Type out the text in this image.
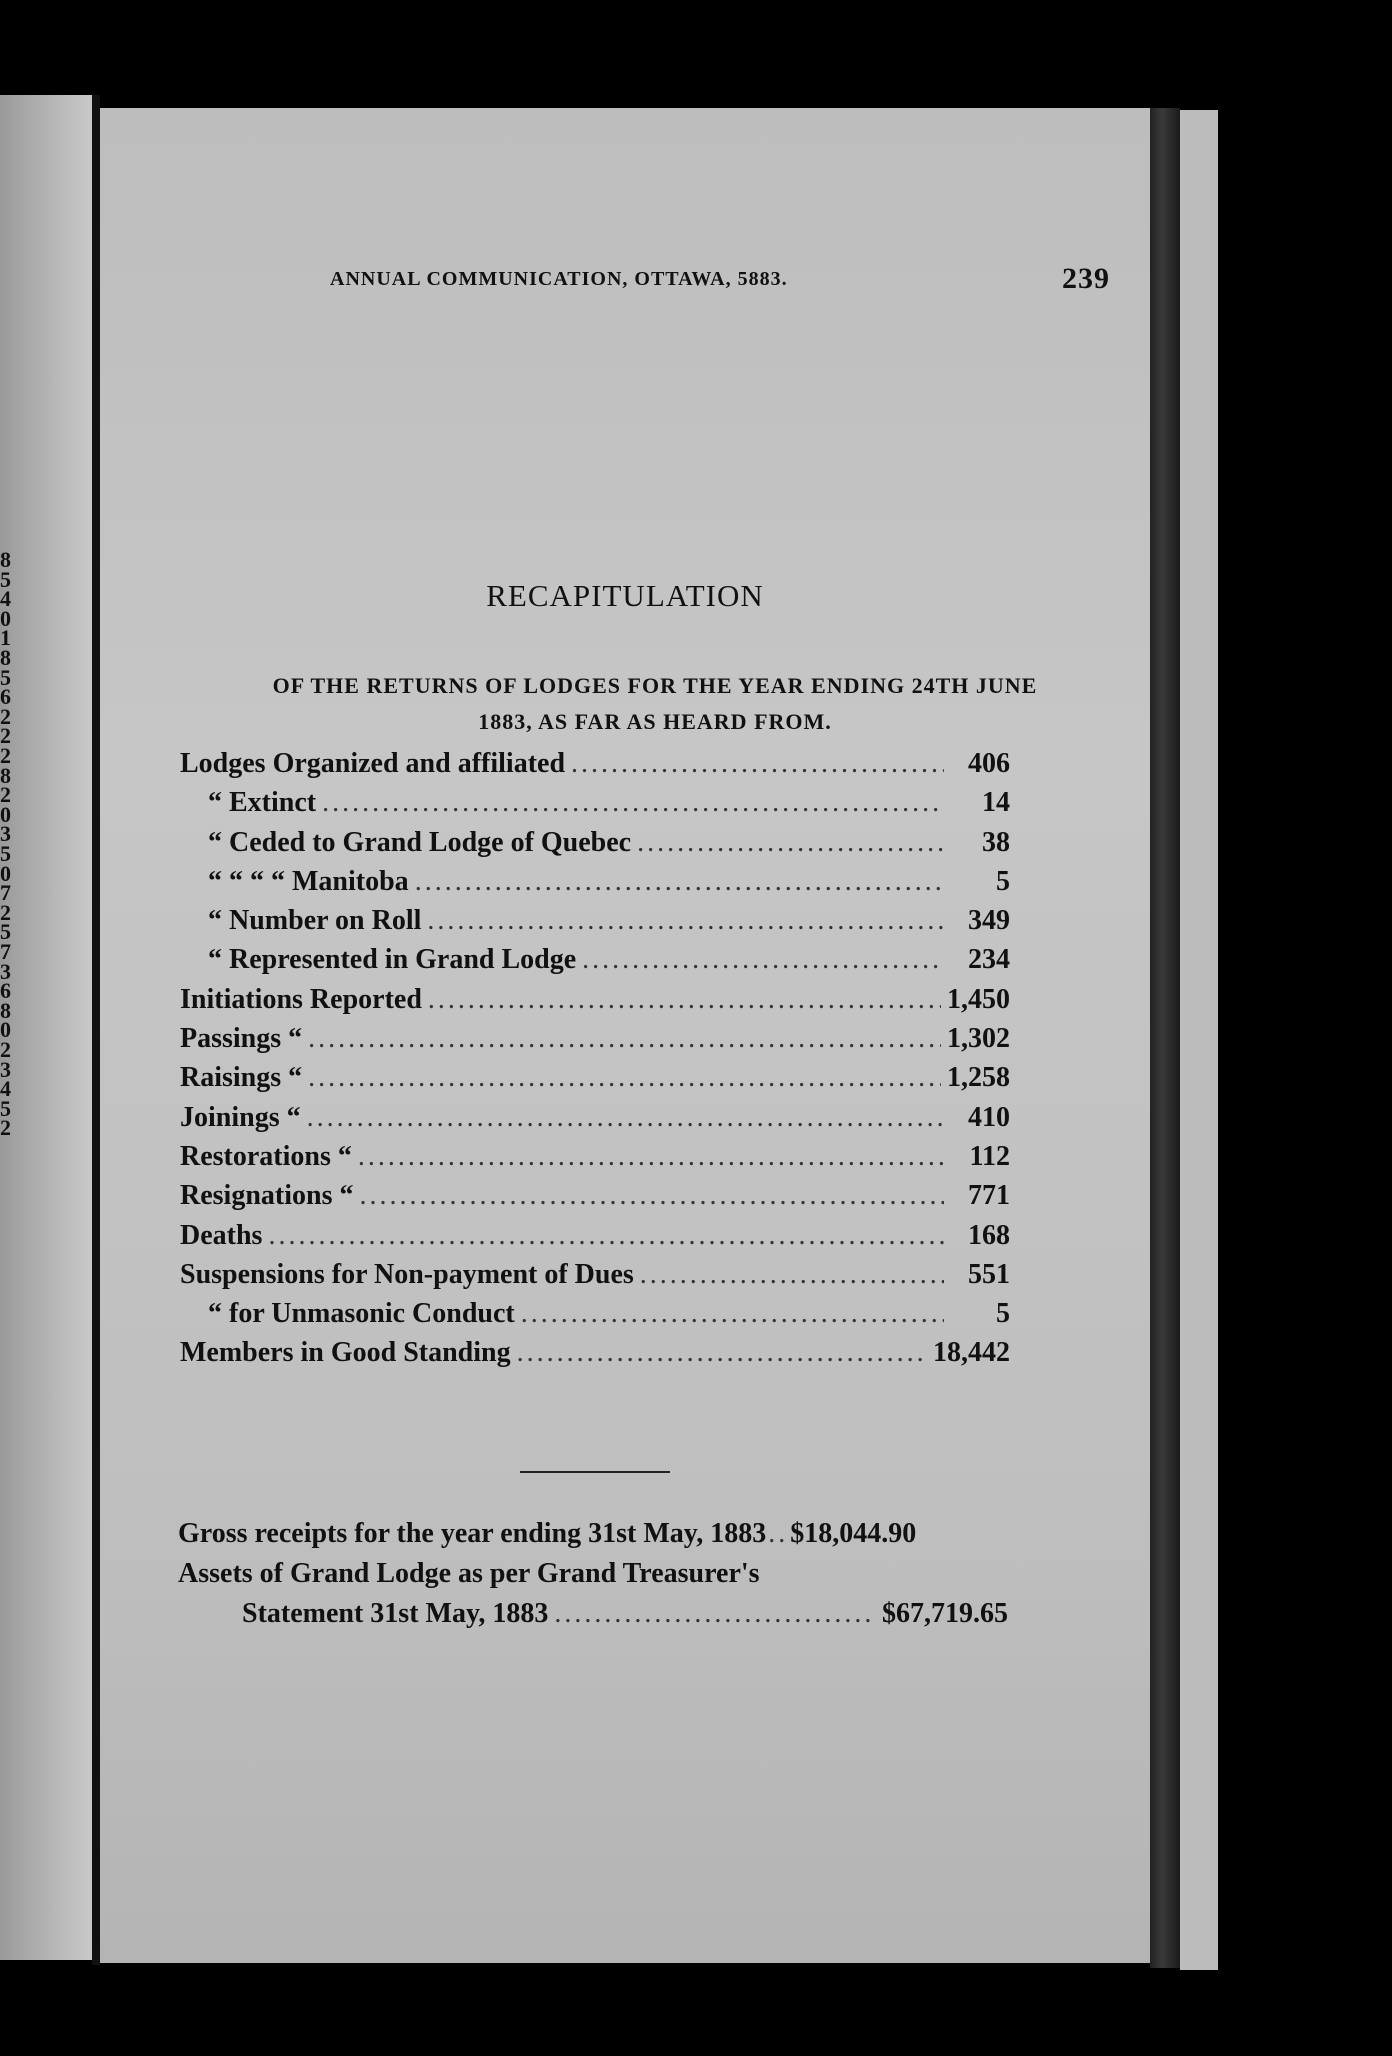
8
5
4
0
1
8
5
6
2
2
2
8
2
0
3
5
0
7
2
5
7
3
6
8
0
2
3
4
5
2
ANNUAL COMMUNICATION, OTTAWA, 5883.	239
RECAPITULATION
OF THE RETURNS OF LODGES FOR THE YEAR ENDING 24TH JUNE
1883, AS FAR AS HEARD FROM.
Lodges Organized and affiliated .....	406
“ Extinct .....	14
“ Ceded to Grand Lodge of Quebec .....	38
“ “ “ “ Manitoba .....	5
“ Number on Roll .....	349
“ Represented in Grand Lodge .....	234
Initiations Reported .....	1,450
Passings “ .....	1,302
Raisings “ .....	1,258
Joinings “ .....	410
Restorations “ .....	112
Resignations “ .....	771
Deaths .....	168
Suspensions for Non-payment of Dues .....	551
“ for Unmasonic Conduct .....	5
Members in Good Standing .....	18,442
Gross receipts for the year ending 31st May, 1883 ..... $18,044.90
Assets of Grand Lodge as per Grand Treasurer's
Statement 31st May, 1883 .....	$67,719.65
